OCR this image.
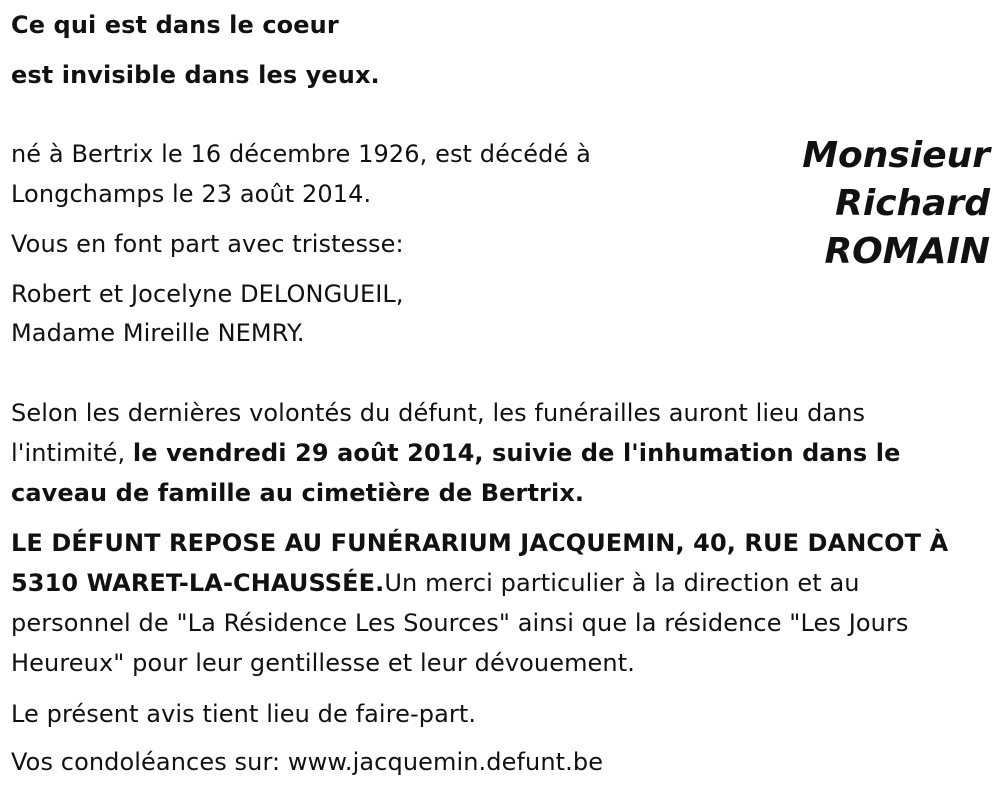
Ce qui est dans le coeur
est invisible dans les yeux.
Monsieur
Richard
ROMAIN
né à Bertrix le 16 décembre 1926, est décédé à
Longchamps le 23 août 2014.
Vous en font part avec tristesse:
Robert et Jocelyne DELONGUEIL,
Madame Mireille NEMRY.
Selon les dernières volontés du défunt, les funérailles auront lieu dans
l'intimité, le vendredi 29 août 2014, suivie de l'inhumation dans le
caveau de famille au cimetière de Bertrix.
LE DÉFUNT REPOSE AU FUNÉRARIUM JACQUEMIN, 40, RUE DANCOT À
5310 WARET-LA-CHAUSSÉE.Un merci particulier à la direction et au
personnel de "La Résidence Les Sources" ainsi que la résidence "Les Jours
Heureux" pour leur gentillesse et leur dévouement.
Le présent avis tient lieu de faire-part.
Vos condoléances sur: www.jacquemin.defunt.be
